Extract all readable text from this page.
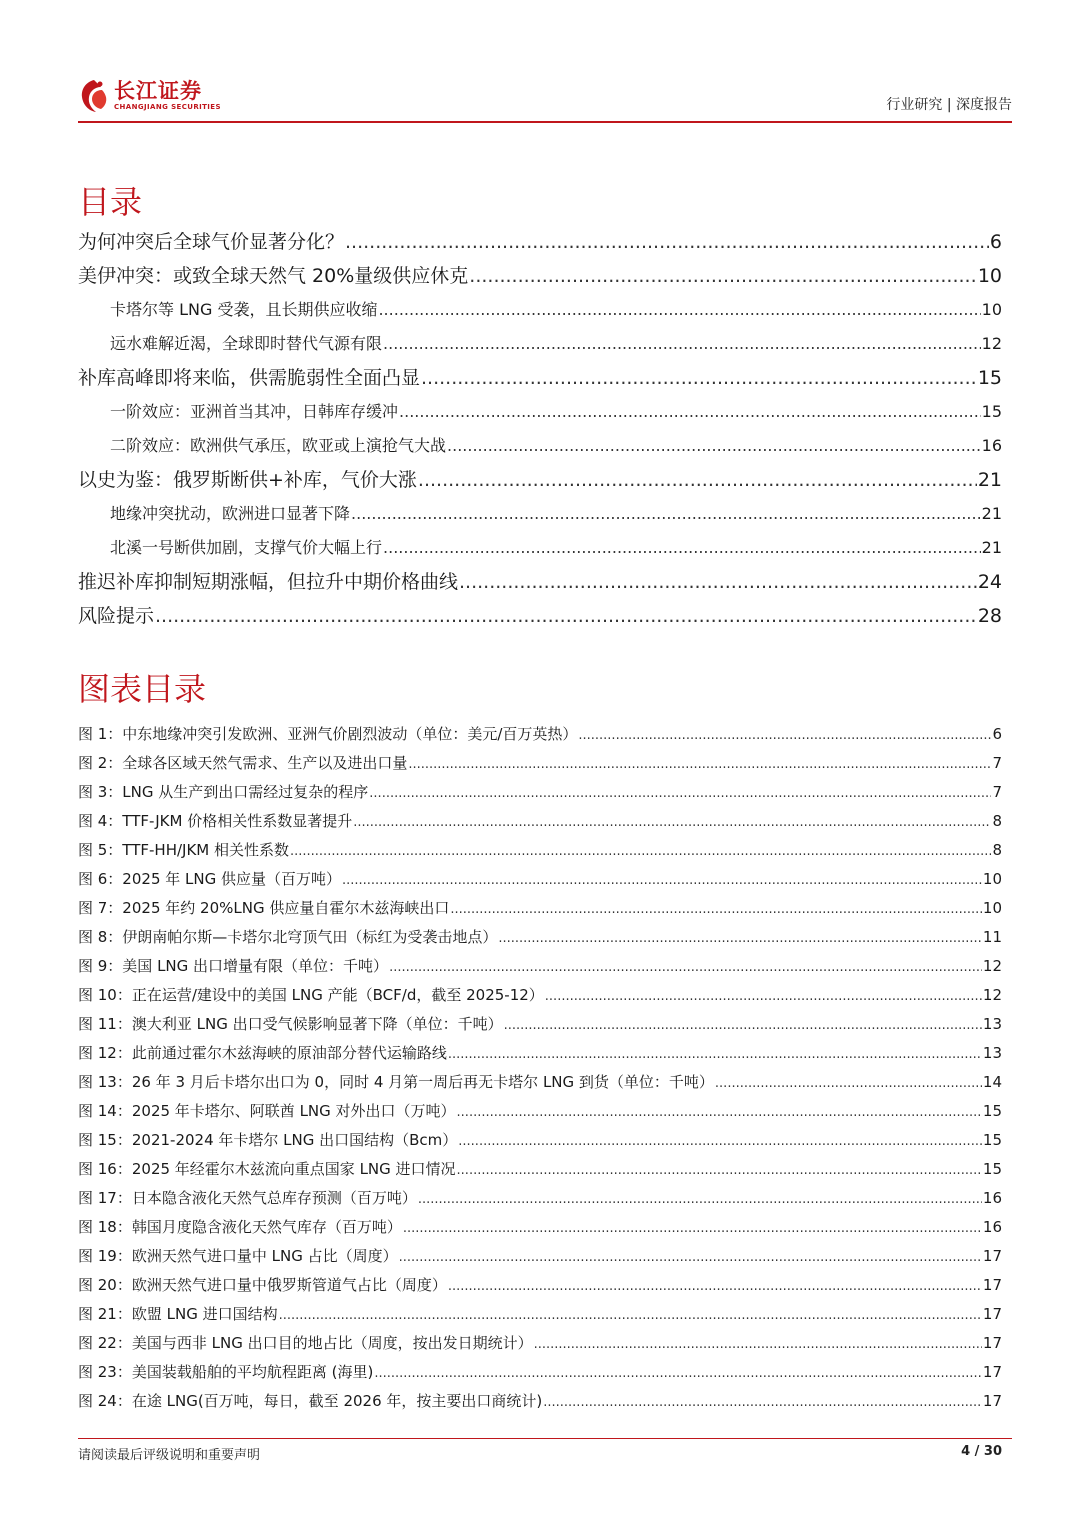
长江证券
CHANGJIANG SECURITIES	行业研究 | 深度报告
目录
为何冲突后全球气价显著分化？ .....	6
美伊冲突：或致全球天然气 20%量级供应休克 .....	10
卡塔尔等 LNG 受袭，且长期供应收缩 .....	10
远水难解近渴，全球即时替代气源有限 .....	12
补库高峰即将来临，供需脆弱性全面凸显 .....	15
一阶效应：亚洲首当其冲，日韩库存缓冲 .....	15
二阶效应：欧洲供气承压，欧亚或上演抢气大战 .....	16
以史为鉴：俄罗斯断供+补库，气价大涨 .....	21
地缘冲突扰动，欧洲进口显著下降 .....	21
北溪一号断供加剧，支撑气价大幅上行 .....	21
推迟补库抑制短期涨幅，但拉升中期价格曲线 .....	24
风险提示 .....	28
图表目录
图 1：中东地缘冲突引发欧洲、亚洲气价剧烈波动（单位：美元/百万英热） .....	6
图 2：全球各区域天然气需求、生产以及进出口量 .....	7
图 3：LNG 从生产到出口需经过复杂的程序 .....	7
图 4：TTF-JKM 价格相关性系数显著提升 .....	8
图 5：TTF-HH/JKM 相关性系数 .....	8
图 6：2025 年 LNG 供应量（百万吨） .....	10
图 7：2025 年约 20%LNG 供应量自霍尔木兹海峡出口 .....	10
图 8：伊朗南帕尔斯—卡塔尔北穹顶气田（标红为受袭击地点） .....	11
图 9：美国 LNG 出口增量有限（单位：千吨） .....	12
图 10：正在运营/建设中的美国 LNG 产能（BCF/d，截至 2025-12） .....	12
图 11：澳大利亚 LNG 出口受气候影响显著下降（单位：千吨） .....	13
图 12：此前通过霍尔木兹海峡的原油部分替代运输路线 .....	13
图 13：26 年 3 月后卡塔尔出口为 0，同时 4 月第一周后再无卡塔尔 LNG 到货（单位：千吨） .....	14
图 14：2025 年卡塔尔、阿联酋 LNG 对外出口（万吨） .....	15
图 15：2021-2024 年卡塔尔 LNG 出口国结构（Bcm） .....	15
图 16：2025 年经霍尔木兹流向重点国家 LNG 进口情况 .....	15
图 17：日本隐含液化天然气总库存预测（百万吨） .....	16
图 18：韩国月度隐含液化天然气库存（百万吨） .....	16
图 19：欧洲天然气进口量中 LNG 占比（周度） .....	17
图 20：欧洲天然气进口量中俄罗斯管道气占比（周度） .....	17
图 21：欧盟 LNG 进口国结构 .....	17
图 22：美国与西非 LNG 出口目的地占比（周度，按出发日期统计） .....	17
图 23：美国装载船舶的平均航程距离 (海里) .....	17
图 24：在途 LNG(百万吨，每日，截至 2026 年，按主要出口商统计) .....	17
请阅读最后评级说明和重要声明	4 / 30
